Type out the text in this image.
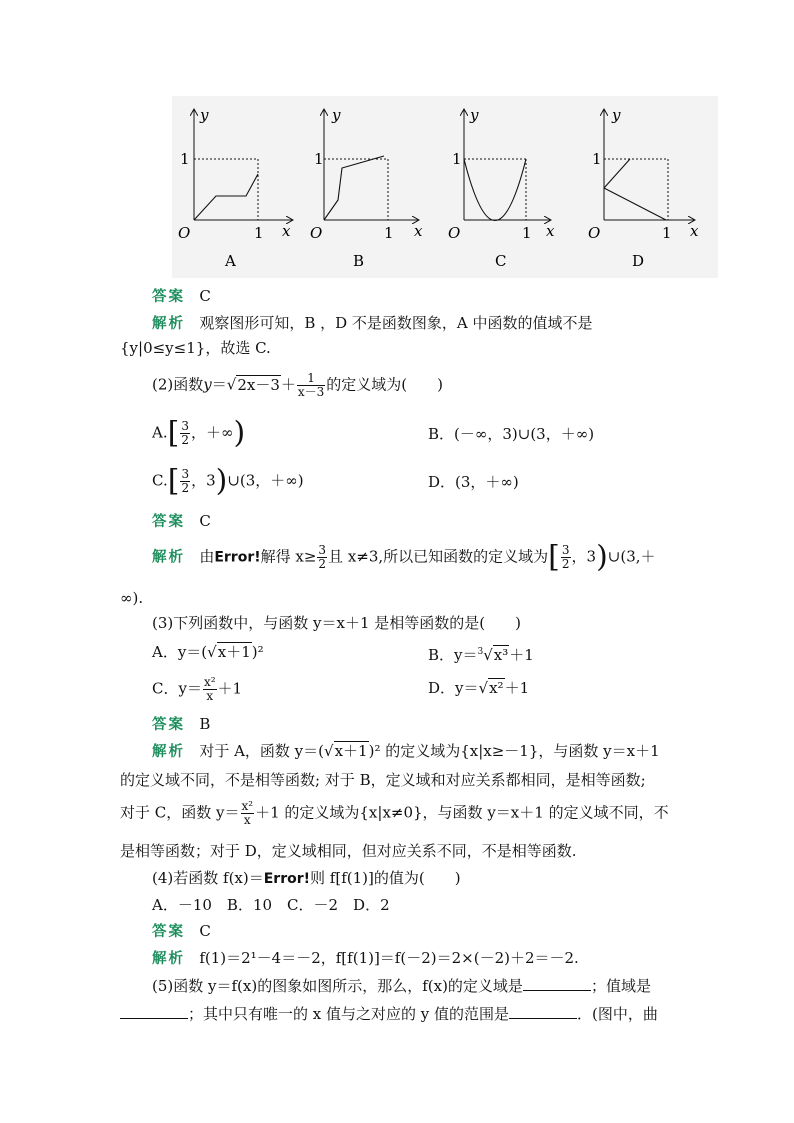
y
x
O
1
1
A
y
x
O
1
1
B
y
x
O
1
1
C
y
x
O
1
1
D
答案 C
解析 观察图形可知，B ，D 不是函数图象，A 中函数的值域不是
{y|0≤y≤1}，故选 C.
(2)函数$y=√2x-3+ \frac{1}{x-3}$ 的定义域为(　　)
$A.[ \frac{3}{2}$ ，＋∞)	B．(－∞，3)∪(3，＋∞)
$C.[ \frac{3}{2}$ ，3)∪(3，＋∞)	D．(3，＋∞)
答案 C
解析 由Error!解得 $x\ge \frac{3}{2}$ 且 x≠3,所以已知函数的定义域为[ $\frac{3}{2}$ ，3)∪(3,＋
∞).
(3)下列函数中，与函数 y＝x＋1 是相等函数的是(　　)
A．y＝(√x＋1)²	B．y＝$^3$√x³＋1
C．$y= \frac{\text{x²}}{x} +1$	D．y＝√x²＋1
答案 B
解析 对于 A，函数 y＝(√x＋1)² 的定义域为{x|x≥－1}，与函数 y＝x＋1
的定义域不同，不是相等函数; 对于 B，定义域和对应关系都相同，是相等函数;
对于 C，函数 $y= \frac{\text{x²}}{x} +1$ 的定义域为{x|x≠0}，与函数 y＝x＋1 的定义域不同，不
是相等函数；对于 D，定义域相同，但对应关系不同，不是相等函数.
(4)若函数 f(x)＝Error!则 f[f(1)]的值为(　　)
A．－10　B．10　C．－2　D．2
答案 C
解析 f(1)＝2¹－4＝－2，f[f(1)]＝f(－2)＝2×(－2)＋2＝－2.
(5)函数 y＝f(x)的图象如图所示，那么，f(x)的定义域是	；值域是
；其中只有唯一的 x 值与之对应的 y 值的范围是	．(图中，曲
